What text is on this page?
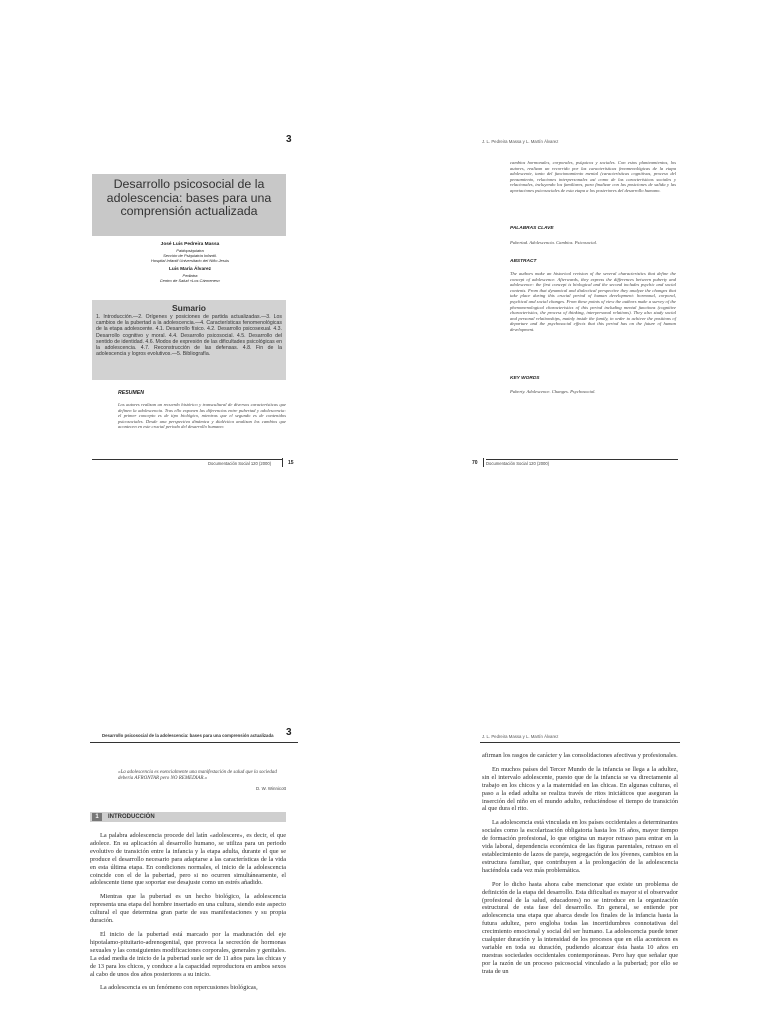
3
Desarrollo psicosocial de la adolescencia: bases para una comprensión actualizada
José Luis Pedreira Massa
Paidopsiquiatra
Sección de Psiquiatría Infantil.
Hospital Infantil Universitario del Niño Jesús
Luis María Álvarez
Pediatra
Centro de Salud «Los Cármenes»
Sumario
1. Introducción.—2. Orígenes y posiciones de partida actualizadas.—3. Los cambios de la pubertad a la adolescencia.—4. Características fenomenológicas de la etapa adolescente. 4.1. Desarrollo físico. 4.2. Desarrollo psicosexual. 4.3. Desarrollo cognitivo y moral. 4.4. Desarrollo psicosocial. 4.5. Desarrollo del sentido de identidad. 4.6. Modos de expresión de las dificultades psicológicas en la adolescencia. 4.7. Reconstrucción de las defensas. 4.8. Fin de la adolescencia y logros evolutivos.—5. Bibliografía.
RESUMEN
Los autores realizan un recuerdo histórico y transcultural de diversos características que definen la adolescencia. Tras ello exponen las diferencias entre pubertad y adolescencia: el primer concepto es de tipo biológico, mientras que el segundo es de contenidos psicosociales. Desde una perspectiva dinámica y dialéctica analizan los cambios que acontecen en este crucial periodo del desarrollo humano:
Documentación Social 120 (2000)	15
J. L. Pedreira Massa y L. Martín Álvarez
cambios hormonales, corporales, psíquicos y sociales. Con estos planteamientos, los autores, realizan un recorrido por las características fenomenológicas de la etapa adolescente, tanto del funcionamiento mental (características cognitivas, proceso del pensamiento, relaciones interpersonales así como de las características sociales y relacionales, incluyendo los familiares, para finalizar con las posiciones de salida y las aportaciones psicosociales de esta etapa a los posteriores del desarrollo humano.
PALABRAS CLAVE
Pubertad. Adolescencia. Cambios. Psicosocial.
ABSTRACT
The authors make an historical revision of the several characteristics that define the concept of adolescence. Afterwards, they express the differences between puberty and adolescence: the first concept is biological and the second includes psychic and social contents. From that dynamical and dialectical perspective they analyze the changes that take place during this crucial period of human development: hormonal, corporal, psychical and social changes. From these points of view the authors make a survey of the phenomenological characteristics of this period including mental functions (cognitive characteristics, the process of thinking, interpersonal relations). They also study social and personal relationships, mainly inside the family, in order to achieve the positions of departure and the psychosocial effects that this period has on the future of human development.
KEY WORDS
Puberty. Adolescence. Changes. Psychosocial.
70 Documentación Social 120 (2000)
Desarrollo psicosocial de la adolescencia: bases para una comprensión actualizada 3
«La adolescencia es esencialmente una manifestación de salud que la sociedad debería AFRONTAR pero NO REMEDIAR.»
D. W. Winnicott
1	INTRODUCCIÓN

La palabra adolescencia procede del latín «adolescere», es decir, el que adolece. En su aplicación al desarrollo humano, se utiliza para un periodo evolutivo de transición entre la infancia y la etapa adulta, durante el que se produce el desarrollo necesario para adaptarse a las características de la vida en esta última etapa. En condiciones normales, el inicio de la adolescencia coincide con el de la pubertad, pero si no ocurren simultáneamente, el adolescente tiene que soportar ese desajuste como un estrés añadido.

Mientras que la pubertad es un hecho biológico, la adolescencia representa una etapa del hombre insertado en una cultura, siendo este aspecto cultural el que determina gran parte de sus manifestaciones y su propia duración.

El inicio de la pubertad está marcado por la maduración del eje hipotalamo-pituitario-adrenogenital, que provoca la secreción de hormonas sexuales y las consiguientes modificaciones corporales, generales y genitales. La edad media de inicio de la pubertad suele ser de 11 años para las chicas y de 13 para los chicos, y conduce a la capacidad reproductora en ambos sexos al cabo de unos dos años posteriores a su inicio.

La adolescencia es un fenómeno con repercusiones biológicas,

J. L. Pedreira Massa y L. Martín Álvarez

afirman los rasgos de carácter y las consolidaciones afectivas y profesionales.

En muchos países del Tercer Mundo de la infancia se llega a la adultez, sin el intervalo adolescente, puesto que de la infancia se va directamente al trabajo en los chicos y a la maternidad en las chicas. En algunas culturas, el paso a la edad adulta se realiza través de ritos iniciáticos que aseguran la inserción del niño en el mundo adulto, reduciéndose el tiempo de transición al que dura el rito.

La adolescencia está vinculada en los países occidentales a determinantes sociales como la escolarización obligatoria hasta los 16 años, mayor tiempo de formación profesional, lo que origina un mayor retraso para entrar en la vida laboral, dependencia económica de las figuras parentales, retraso en el establecimiento de lazos de pareja, segregación de los jóvenes, cambios en la estructura familiar, que contribuyen a la prolongación de la adolescencia haciéndola cada vez más problemática.

Por lo dicho hasta ahora cabe mencionar que existe un problema de definición de la etapa del desarrollo. Esta dificultad es mayor si el observador (profesional de la salud, educadores) no se introduce en la organización estructural de esta fase del desarrollo. En general, se entiende por adolescencia una etapa que abarca desde los finales de la infancia hasta la futura adultez, pero engloba todas las incertidumbres connotativas del crecimiento emocional y social del ser humano. La adolescencia puede tener cualquier duración y la intensidad de los procesos que en ella acontecen es variable en toda su duración, pudiendo alcanzar ésta hasta 10 años en nuestras sociedades occidentales contemporáneas. Pero hay que señalar que por la razón de un proceso psicosocial vinculado a la pubertad; por ello se trata de un
